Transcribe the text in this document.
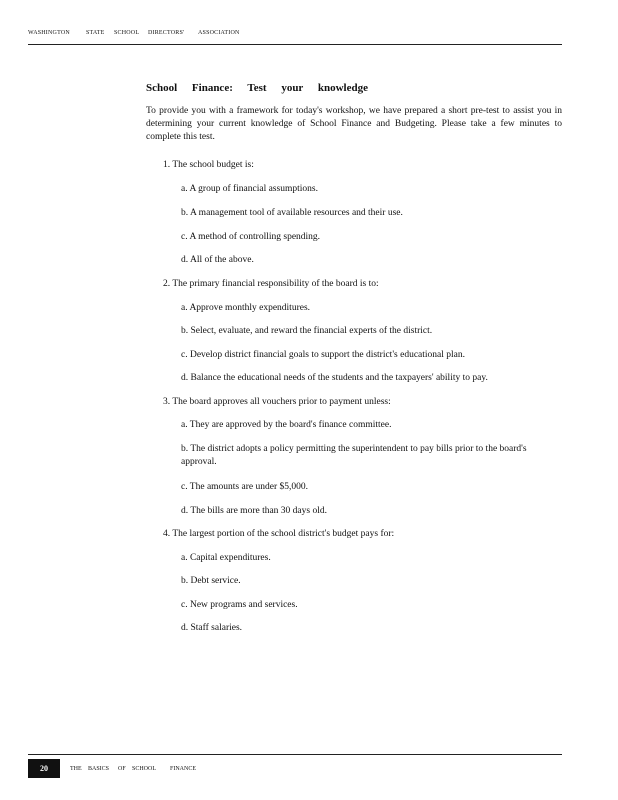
WASHINGTON	STATE SCHOOL DIRECTORS' ASSOCIATION
School Finance: Test your knowledge
To provide you with a framework for today's workshop, we have prepared a short pre-test to assist you in determining your current knowledge of School Finance and Budgeting. Please take a few minutes to complete this test.
1. The school budget is:
a. A group of financial assumptions.
b. A management tool of available resources and their use.
c. A method of controlling spending.
d. All of the above.
2. The primary financial responsibility of the board is to:
a. Approve monthly expenditures.
b. Select, evaluate, and reward the financial experts of the district.
c. Develop district financial goals to support the district's educational plan.
d. Balance the educational needs of the students and the taxpayers' ability to pay.
3. The board approves all vouchers prior to payment unless:
a. They are approved by the board's finance committee.
b. The district adopts a policy permitting the superintendent to pay bills prior to the board's approval.
c. The amounts are under $5,000.
d. The bills are more than 30 days old.
4. The largest portion of the school district's budget pays for:
a. Capital expenditures.
b. Debt service.
c. New programs and services.
d. Staff salaries.
20	THE BASICS OF SCHOOL FINANCE
